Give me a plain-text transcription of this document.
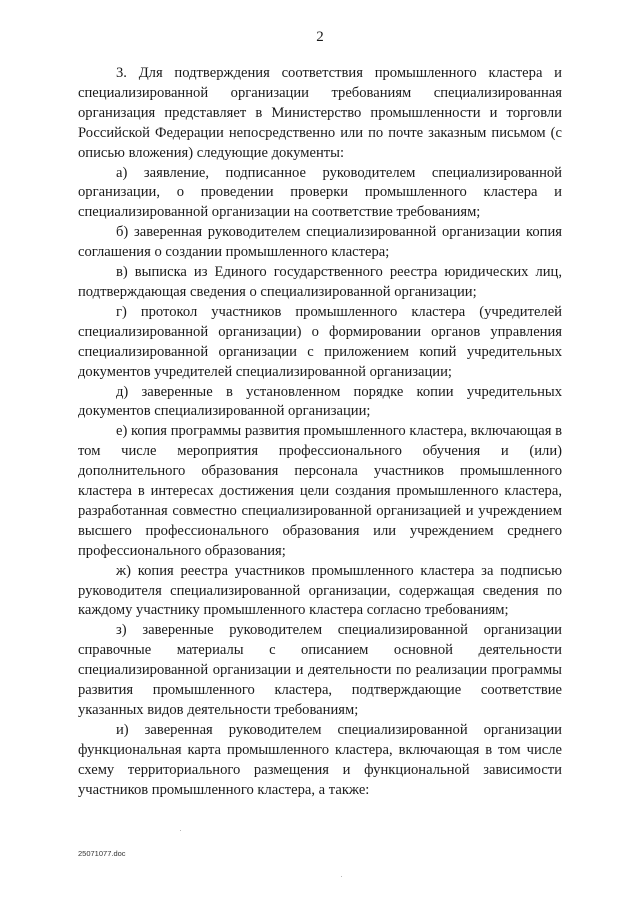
2

3. Для подтверждения соответствия промышленного кластера и специализированной организации требованиям специализированная организация представляет в Министерство промышленности и торговли Российской Федерации непосредственно или по почте заказным письмом (с описью вложения) следующие документы:

а) заявление, подписанное руководителем специализированной организации, о проведении проверки промышленного кластера и специализированной организации на соответствие требованиям;

б) заверенная руководителем специализированной организации копия соглашения о создании промышленного кластера;

в) выписка из Единого государственного реестра юридических лиц, подтверждающая сведения о специализированной организации;

г) протокол участников промышленного кластера (учредителей специализированной организации) о формировании органов управления специализированной организации с приложением копий учредительных документов учредителей специализированной организации;

д) заверенные в установленном порядке копии учредительных документов специализированной организации;

е) копия программы развития промышленного кластера, включающая в том числе мероприятия профессионального обучения и (или) дополнительного образования персонала участников промышленного кластера в интересах достижения цели создания промышленного кластера, разработанная совместно специализированной организацией и учреждением высшего профессионального образования или учреждением среднего профессионального образования;

ж) копия реестра участников промышленного кластера за подписью руководителя специализированной организации, содержащая сведения по каждому участнику промышленного кластера согласно требованиям;

з) заверенные руководителем специализированной организации справочные материалы с описанием основной деятельности специализированной организации и деятельности по реализации программы развития промышленного кластера, подтверждающие соответствие указанных видов деятельности требованиям;

и) заверенная руководителем специализированной организации функциональная карта промышленного кластера, включающая в том числе схему территориального размещения и функциональной зависимости участников промышленного кластера, а также:

25071077.doc
